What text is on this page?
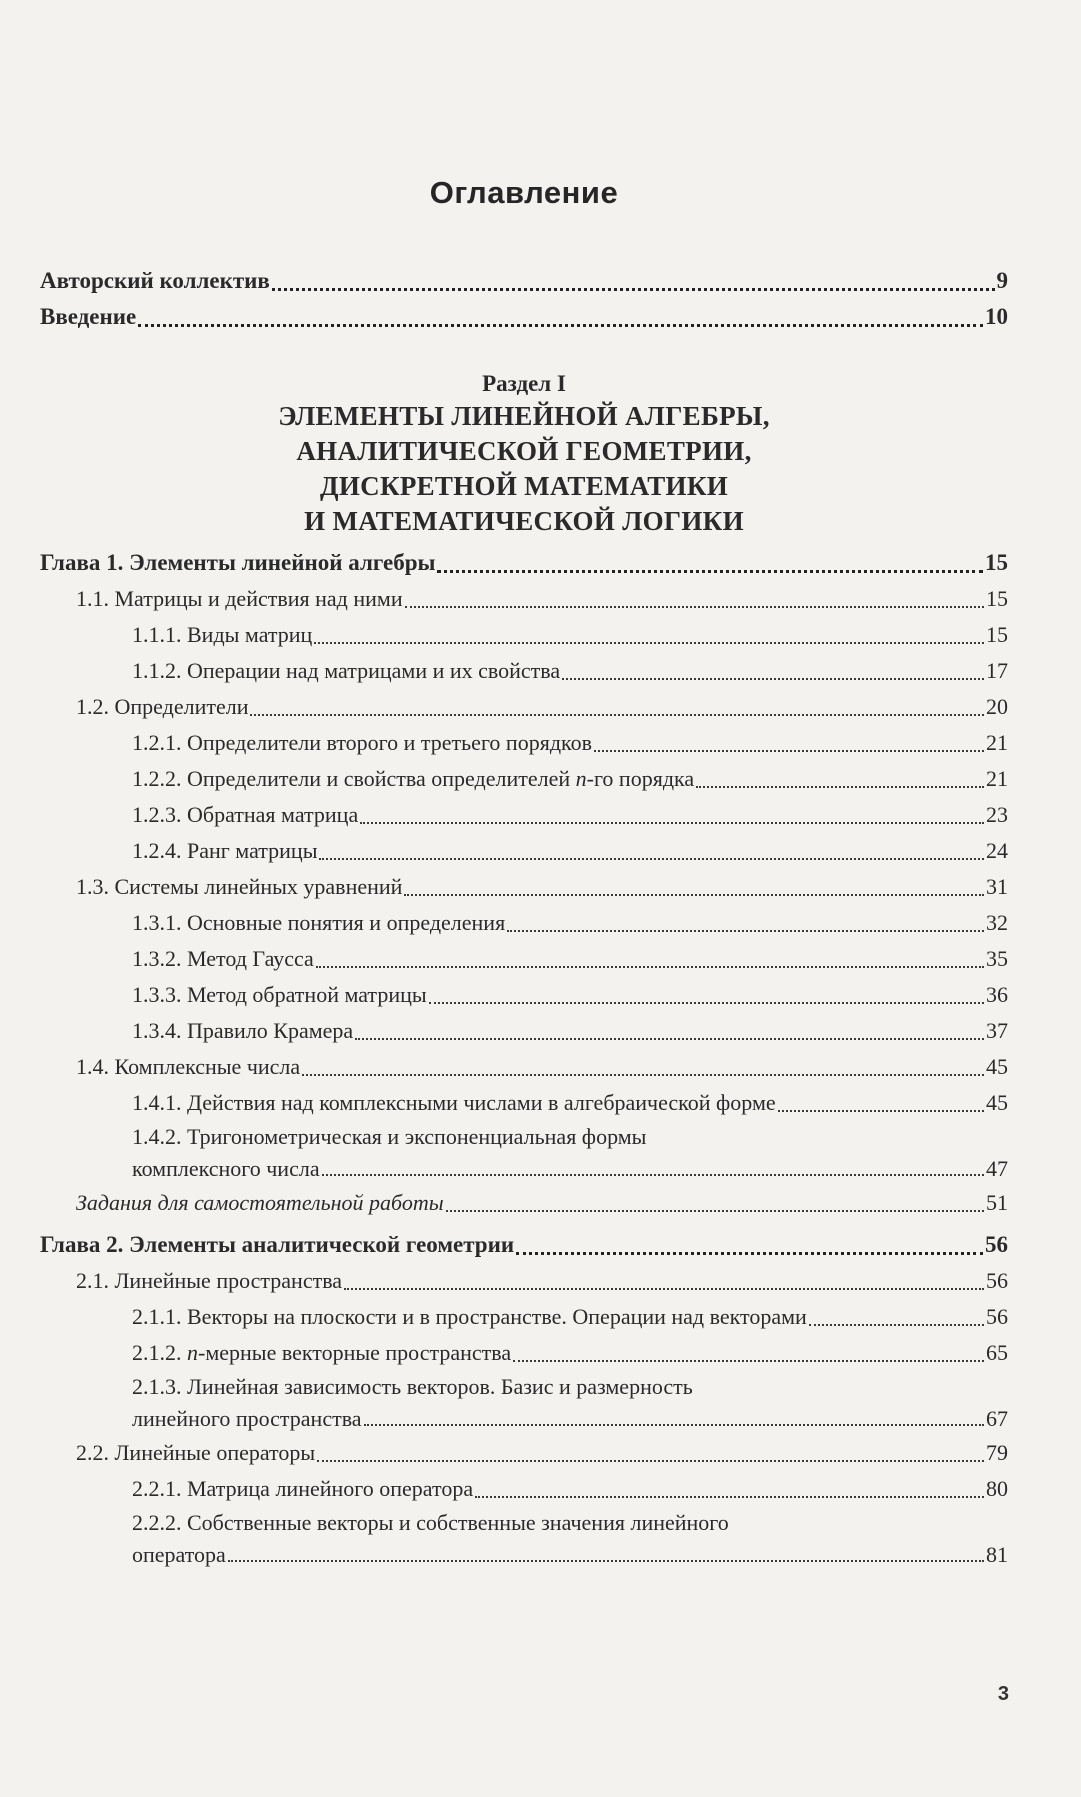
Оглавление
Авторский коллектив	9
Введение	10
Раздел I
ЭЛЕМЕНТЫ ЛИНЕЙНОЙ АЛГЕБРЫ,
АНАЛИТИЧЕСКОЙ ГЕОМЕТРИИ,
ДИСКРЕТНОЙ МАТЕМАТИКИ
И МАТЕМАТИЧЕСКОЙ ЛОГИКИ
Глава 1. Элементы линейной алгебры	15
1.1. Матрицы и действия над ними	15
1.1.1. Виды матриц	15
1.1.2. Операции над матрицами и их свойства	17
1.2. Определители	20
1.2.1. Определители второго и третьего порядков	21
1.2.2. Определители и свойства определителей n-го порядка	21
1.2.3. Обратная матрица	23
1.2.4. Ранг матрицы	24
1.3. Системы линейных уравнений	31
1.3.1. Основные понятия и определения	32
1.3.2. Метод Гаусса	35
1.3.3. Метод обратной матрицы	36
1.3.4. Правило Крамера	37
1.4. Комплексные числа	45
1.4.1. Действия над комплексными числами в алгебраической форме	45
1.4.2. Тригонометрическая и экспоненциальная формы
комплексного числа	47
Задания для самостоятельной работы	51
Глава 2. Элементы аналитической геометрии	56
2.1. Линейные пространства	56
2.1.1. Векторы на плоскости и в пространстве. Операции над векторами	56
2.1.2. n-мерные векторные пространства	65
2.1.3. Линейная зависимость векторов. Базис и размерность
линейного пространства	67
2.2. Линейные операторы	79
2.2.1. Матрица линейного оператора	80
2.2.2. Собственные векторы и собственные значения линейного
оператора	81
3
